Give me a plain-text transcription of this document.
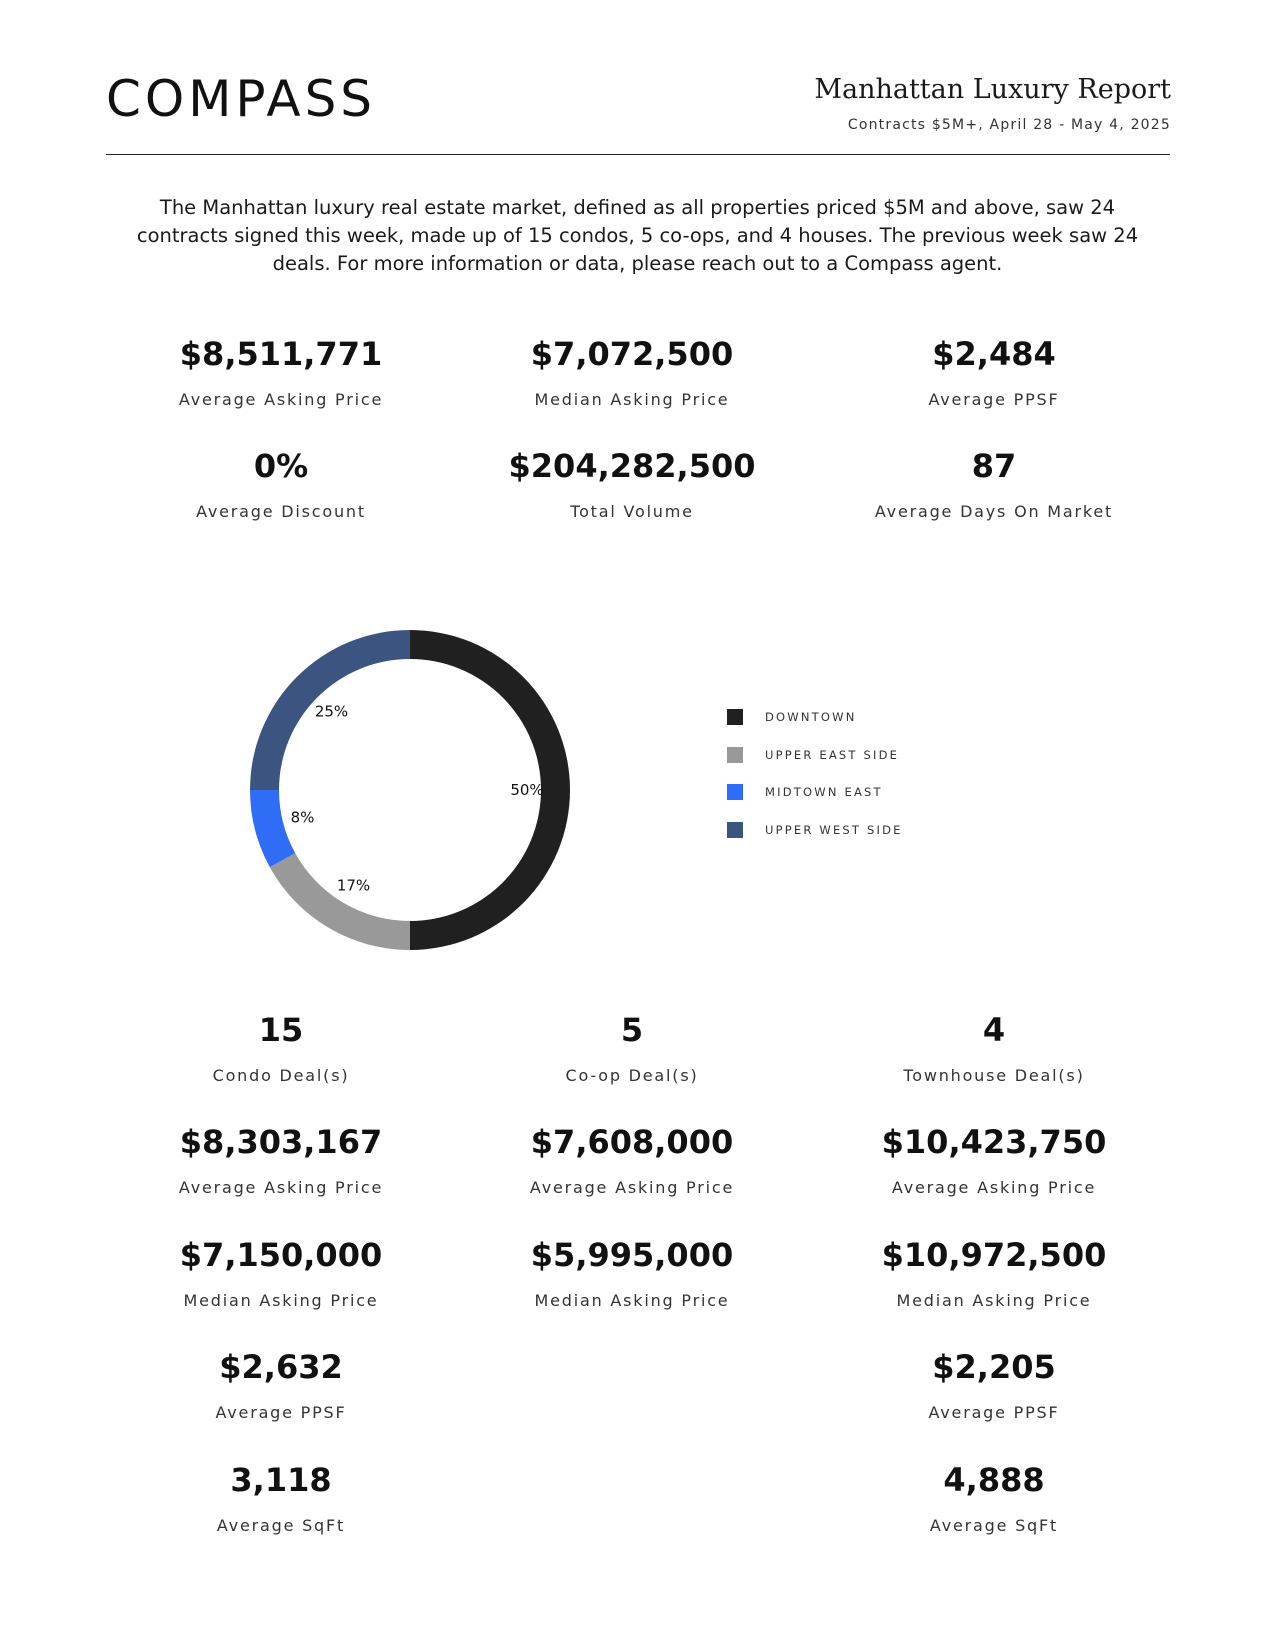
COMPASS	Manhattan Luxury Report
Contracts $5M+, April 28 - May 4, 2025
The Manhattan luxury real estate market, defined as all properties priced $5M and above, saw 24 contracts signed this week, made up of 15 condos, 5 co-ops, and 4 houses. The previous week saw 24 deals. For more information or data, please reach out to a Compass agent.
$8,511,771
Average Asking Price
$7,072,500
Median Asking Price
$2,484
Average PPSF
0%
Average Discount
$204,282,500
Total Volume
87
Average Days On Market
50%
17%
8%
25%	DOWNTOWN
UPPER EAST SIDE
MIDTOWN EAST
UPPER WEST SIDE
15
Condo Deal(s)
$8,303,167
Average Asking Price
$7,150,000
Median Asking Price
$2,632
Average PPSF
3,118
Average SqFt
5
Co-op Deal(s)
$7,608,000
Average Asking Price
$5,995,000
Median Asking Price
4
Townhouse Deal(s)
$10,423,750
Average Asking Price
$10,972,500
Median Asking Price
$2,205
Average PPSF
4,888
Average SqFt
